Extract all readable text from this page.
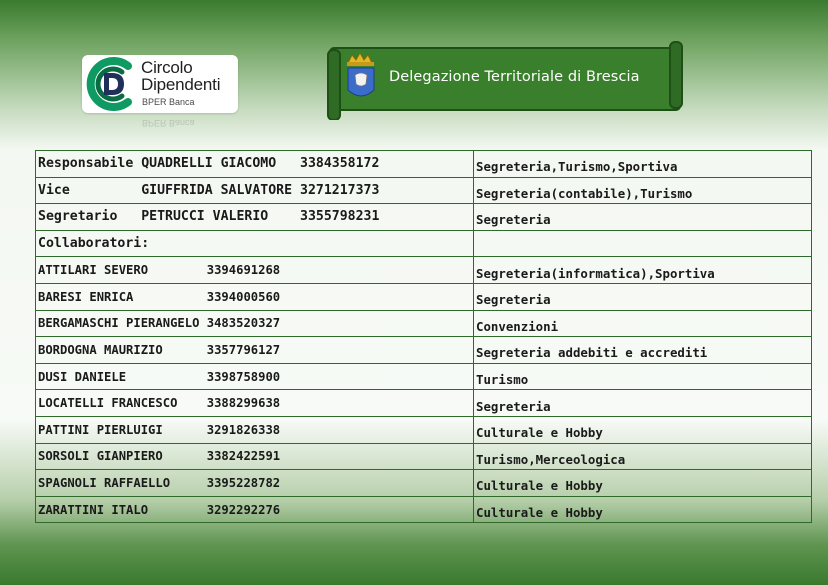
Circolo
Dipendenti
BPER Banca
BPER Banca
Delegazione Territoriale di Brescia
Responsabile QUADRELLI GIACOMO   3384358172	Segreteria,Turismo,Sportiva
Vice         GIUFFRIDA SALVATORE 3271217373	Segreteria(contabile),Turismo
Segretario   PETRUCCI VALERIO    3355798231	Segreteria
Collaboratori:	
ATTILARI SEVERO        3394691268	Segreteria(informatica),Sportiva
BARESI ENRICA          3394000560	Segreteria
BERGAMASCHI PIERANGELO 3483520327	Convenzioni
BORDOGNA MAURIZIO      3357796127	Segreteria addebiti e accrediti
DUSI DANIELE           3398758900	Turismo
LOCATELLI FRANCESCO    3388299638	Segreteria
PATTINI PIERLUIGI      3291826338	Culturale e Hobby
SORSOLI GIANPIERO      3382422591	Turismo,Merceologica
SPAGNOLI RAFFAELLO     3395228782	Culturale e Hobby
ZARATTINI ITALO        3292292276	Culturale e Hobby
